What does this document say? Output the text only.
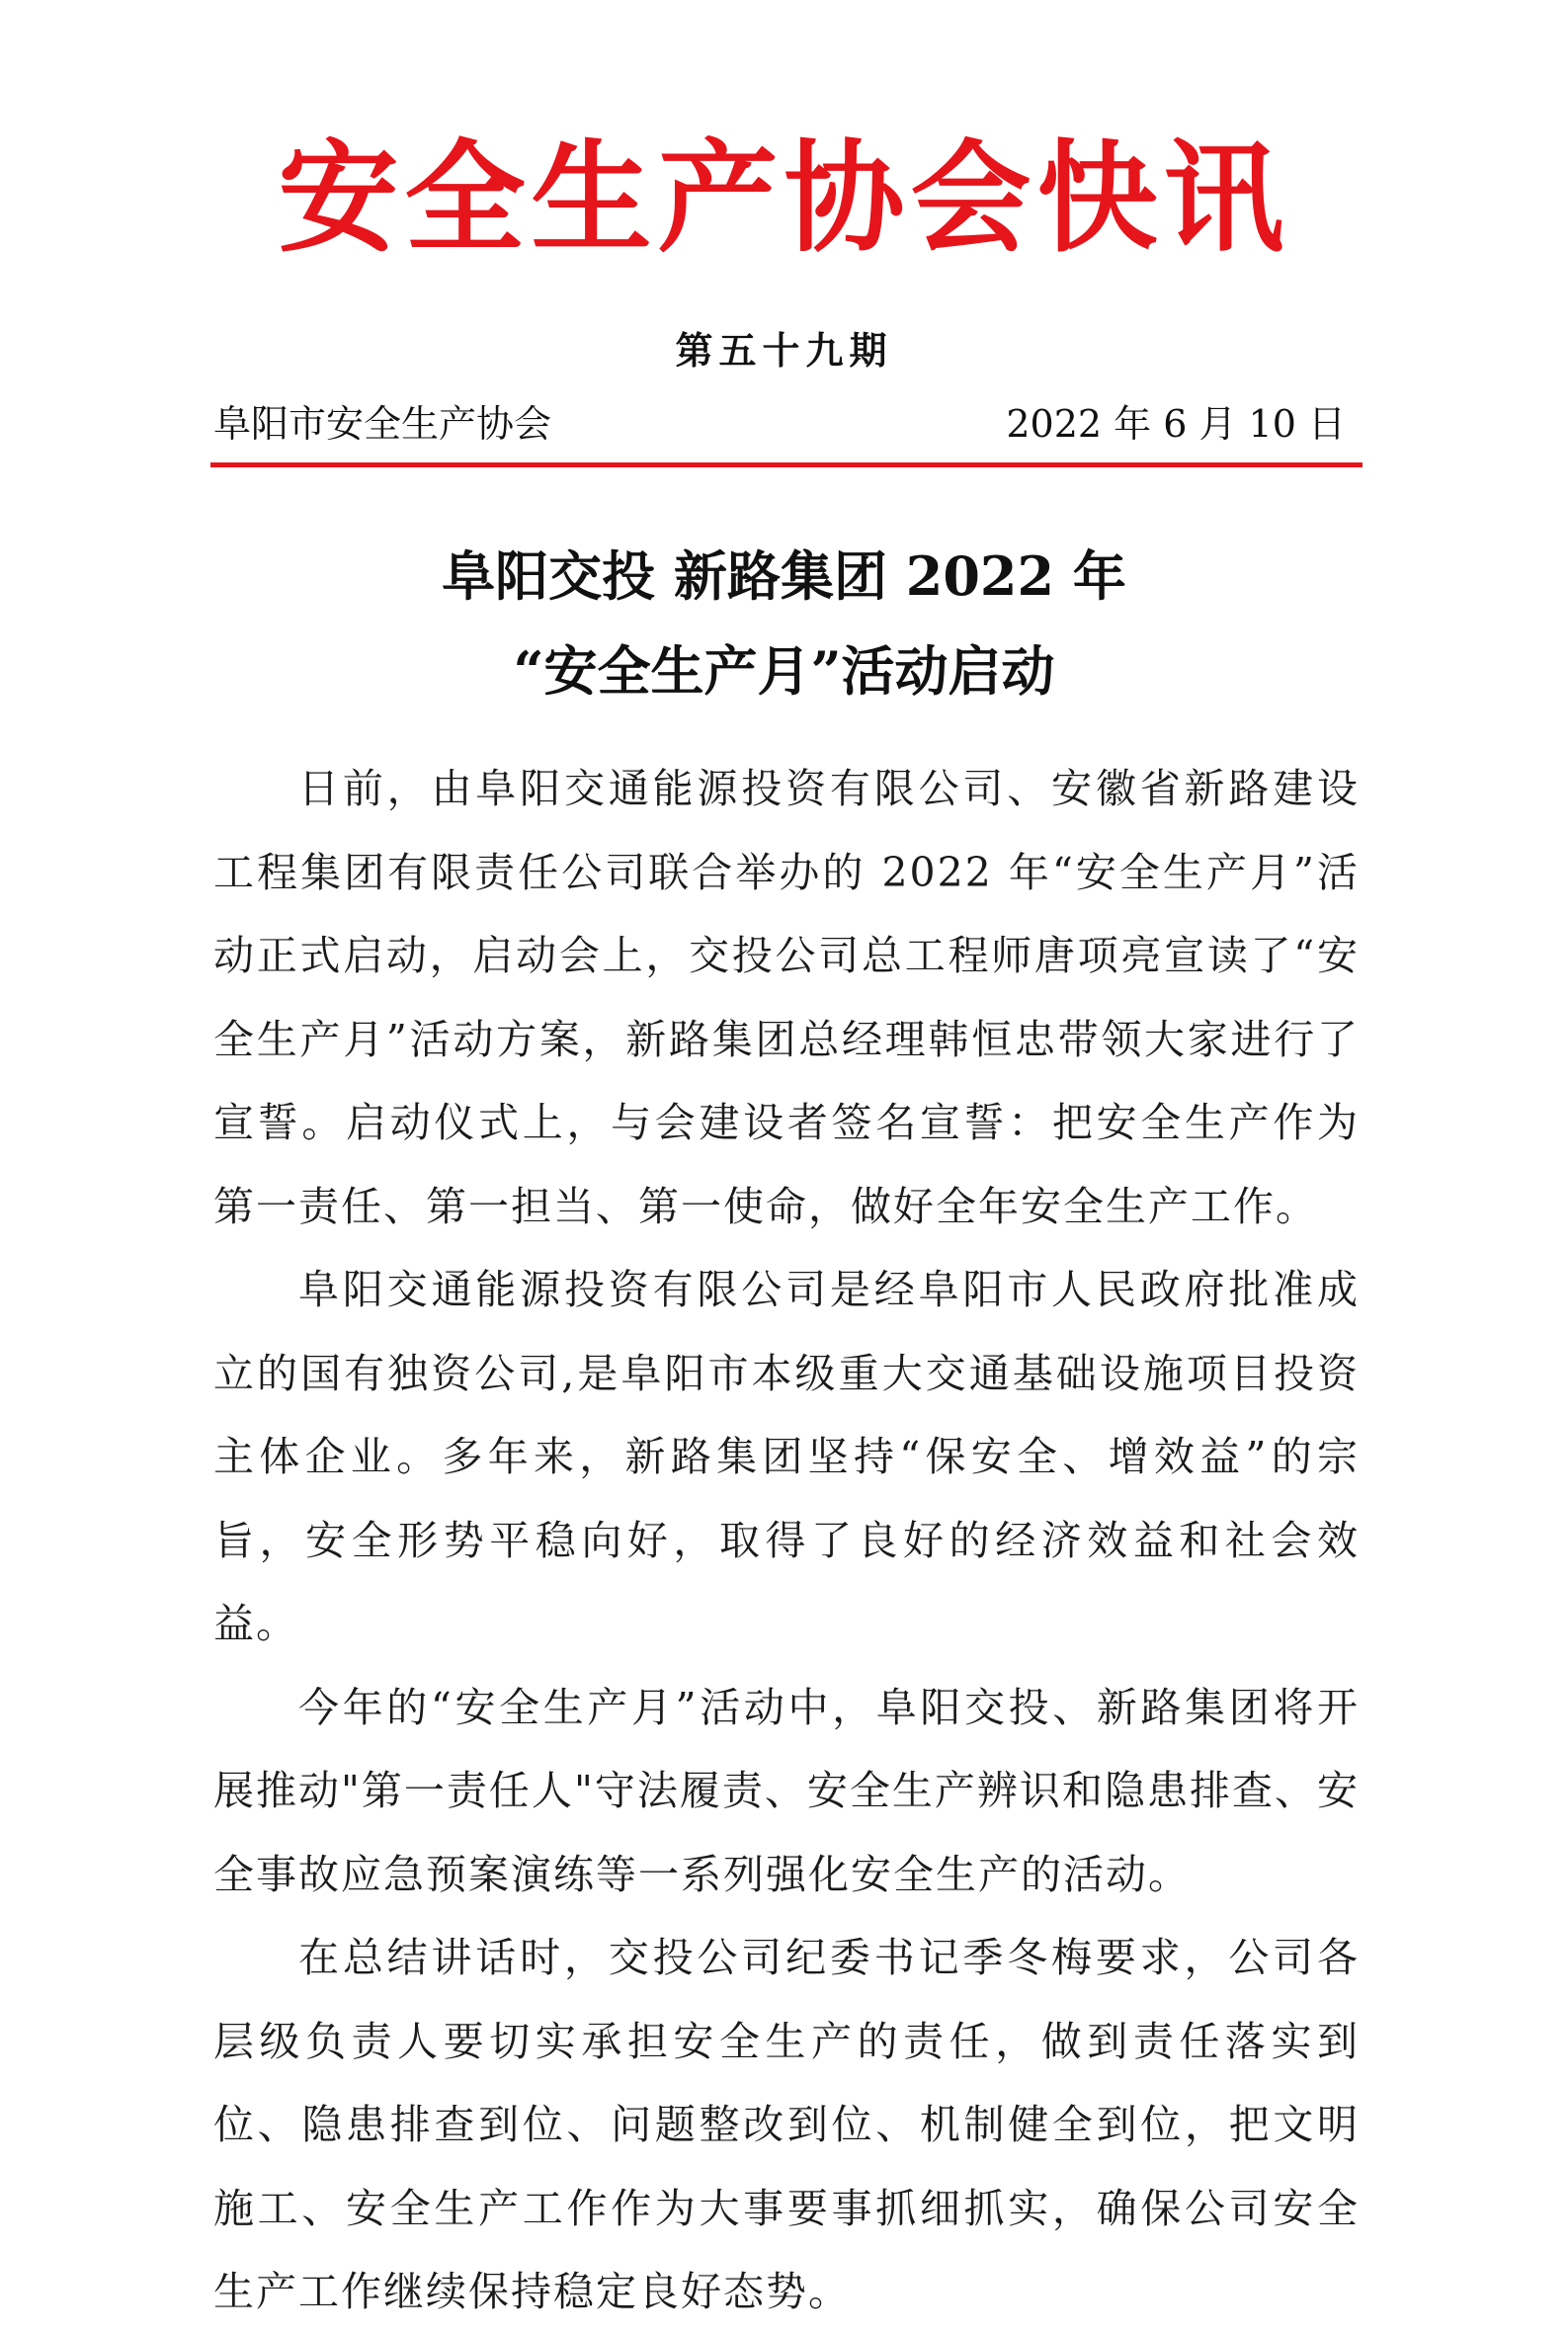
安全生产协会快讯
第五十九期
阜阳市安全生产协会	2022 年 6 月 10 日
阜阳交投 新路集团 2022 年
“安全生产月”活动启动

日前，由阜阳交通能源投资有限公司、安徽省新路建设工程集团有限责任公司联合举办的 2022 年“安全生产月”活动正式启动，启动会上，交投公司总工程师唐项亮宣读了“安全生产月”活动方案，新路集团总经理韩恒忠带领大家进行了宣誓。启动仪式上，与会建设者签名宣誓：把安全生产作为第一责任、第一担当、第一使命，做好全年安全生产工作。

阜阳交通能源投资有限公司是经阜阳市人民政府批准成立的国有独资公司,是阜阳市本级重大交通基础设施项目投资主体企业。多年来，新路集团坚持“保安全、增效益”的宗旨，安全形势平稳向好，取得了良好的经济效益和社会效益。

今年的“安全生产月”活动中，阜阳交投、新路集团将开展推动"第一责任人"守法履责、安全生产辨识和隐患排查、安全事故应急预案演练等一系列强化安全生产的活动。

在总结讲话时，交投公司纪委书记季冬梅要求，公司各层级负责人要切实承担安全生产的责任，做到责任落实到位、隐患排查到位、问题整改到位、机制健全到位，把文明施工、安全生产工作作为大事要事抓细抓实，确保公司安全生产工作继续保持稳定良好态势。
